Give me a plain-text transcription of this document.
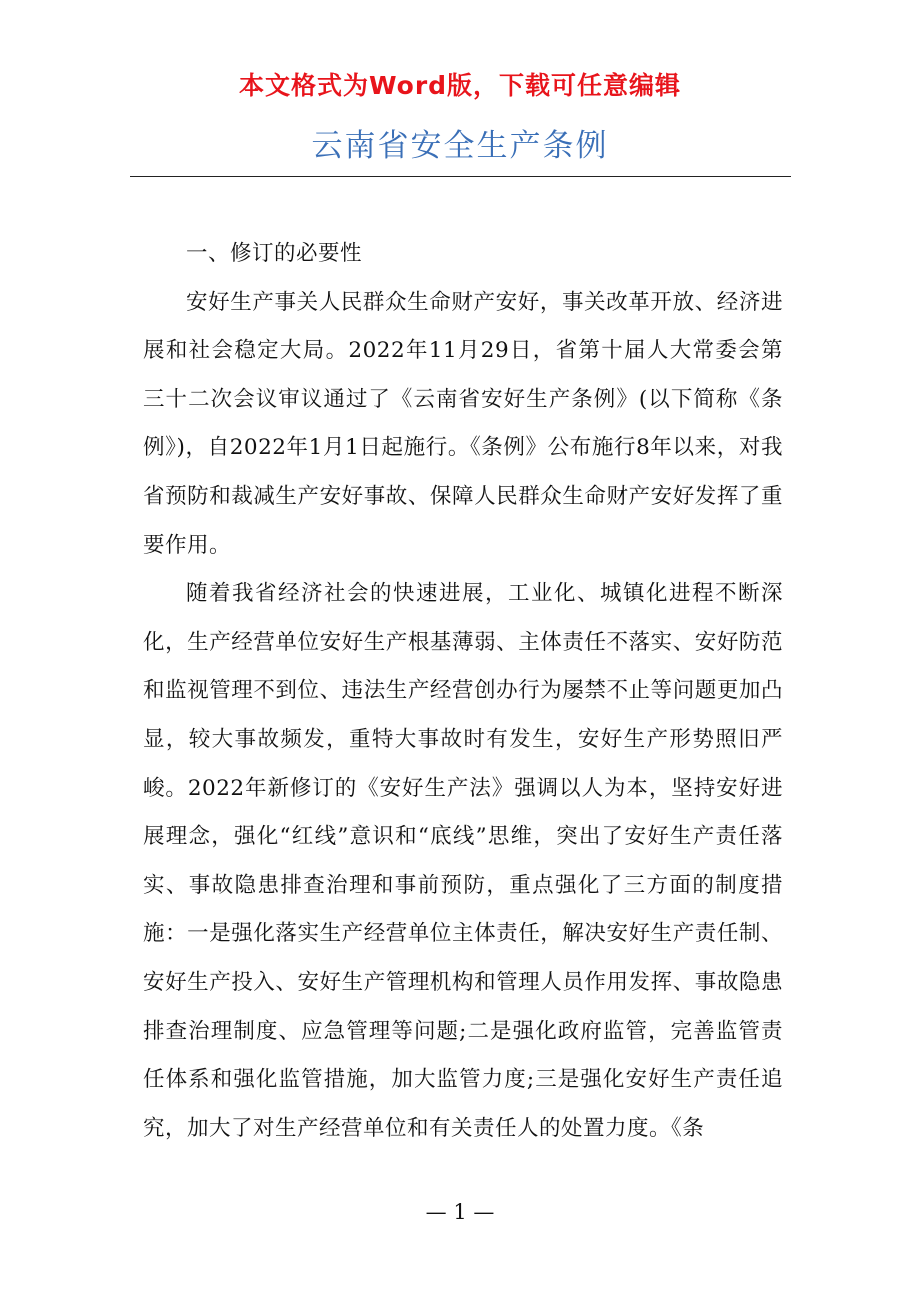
本文格式为Word版，下载可任意编辑
云南省安全生产条例

一、修订的必要性

安好生产事关人民群众生命财产安好，事关改革开放、经济进展和社会稳定大局。2022年11月29日，省第十届人大常委会第三十二次会议审议通过了《云南省安好生产条例》(以下简称《条例》)，自2022年1月1日起施行。《条例》公布施行8年以来，对我省预防和裁减生产安好事故、保障人民群众生命财产安好发挥了重要作用。

随着我省经济社会的快速进展，工业化、城镇化进程不断深化，生产经营单位安好生产根基薄弱、主体责任不落实、安好防范和监视管理不到位、违法生产经营创办行为屡禁不止等问题更加凸显，较大事故频发，重特大事故时有发生，安好生产形势照旧严峻。2022年新修订的《安好生产法》强调以人为本，坚持安好进展理念，强化“红线”意识和“底线”思维，突出了安好生产责任落实、事故隐患排查治理和事前预防，重点强化了三方面的制度措施：一是强化落实生产经营单位主体责任，解决安好生产责任制、安好生产投入、安好生产管理机构和管理人员作用发挥、事故隐患排查治理制度、应急管理等问题;二是强化政府监管，完善监管责任体系和强化监管措施，加大监管力度;三是强化安好生产责任追究，加大了对生产经营单位和有关责任人的处置力度。《条

— 1 —
